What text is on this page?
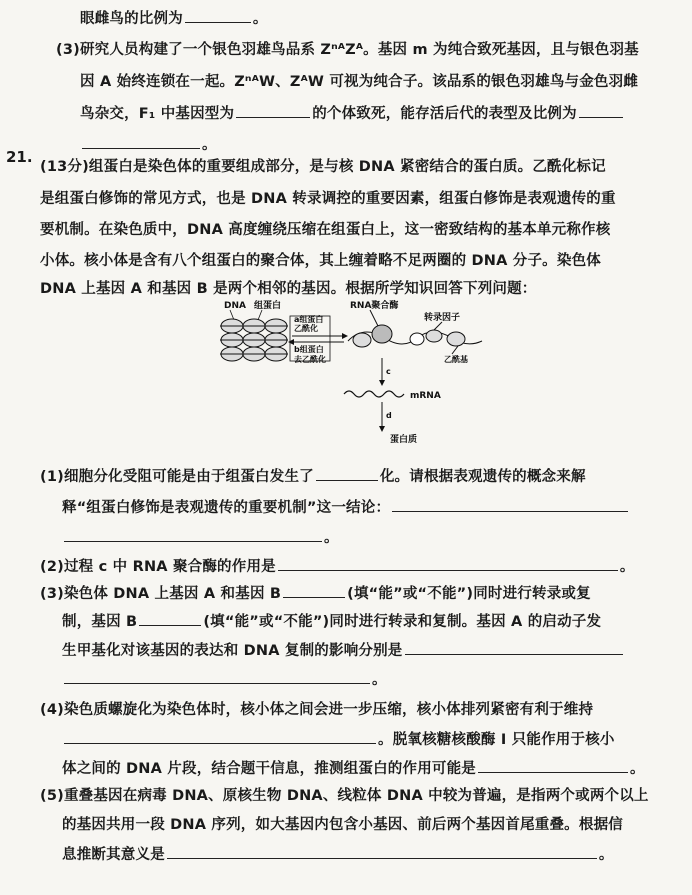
眼雌鸟的比例为	。
(3)研究人员构建了一个银色羽雄鸟品系 ZⁿᴬZᴬ。基因 m 为纯合致死基因，且与银色羽基
因 A 始终连锁在一起。ZⁿᴬW、ZᴬW 可视为纯合子。该品系的银色羽雄鸟与金色羽雌
鸟杂交，F₁ 中基因型为	的个体致死，能存活后代的表型及比例为
。
21.
(13分)组蛋白是染色体的重要组成部分，是与核 DNA 紧密结合的蛋白质。乙酰化标记
是组蛋白修饰的常见方式，也是 DNA 转录调控的重要因素，组蛋白修饰是表观遗传的重
要机制。在染色质中，DNA 高度缠绕压缩在组蛋白上，这一密致结构的基本单元称作核
小体。核小体是含有八个组蛋白的聚合体，其上缠着略不足两圈的 DNA 分子。染色体
DNA 上基因 A 和基因 B 是两个相邻的基因。根据所学知识回答下列问题：
DNA 组蛋白
a组蛋白
乙酰化
b组蛋白
去乙酰化
RNA聚合酶
转录因子
乙酰基
c
mRNA
d
蛋白质
(1)细胞分化受阻可能是由于组蛋白发生了	化。请根据表观遗传的概念来解
释“组蛋白修饰是表观遗传的重要机制”这一结论：
。
(2)过程 c 中 RNA 聚合酶的作用是	。
(3)染色体 DNA 上基因 A 和基因 B	(填“能”或“不能”)同时进行转录或复
制，基因 B	(填“能”或“不能”)同时进行转录和复制。基因 A 的启动子发
生甲基化对该基因的表达和 DNA 复制的影响分别是
。
(4)染色质螺旋化为染色体时，核小体之间会进一步压缩，核小体排列紧密有利于维持
。脱氧核糖核酸酶 Ⅰ 只能作用于核小
体之间的 DNA 片段，结合题干信息，推测组蛋白的作用可能是	。
(5)重叠基因在病毒 DNA、原核生物 DNA、线粒体 DNA 中较为普遍，是指两个或两个以上
的基因共用一段 DNA 序列，如大基因内包含小基因、前后两个基因首尾重叠。根据信
息推断其意义是	。
